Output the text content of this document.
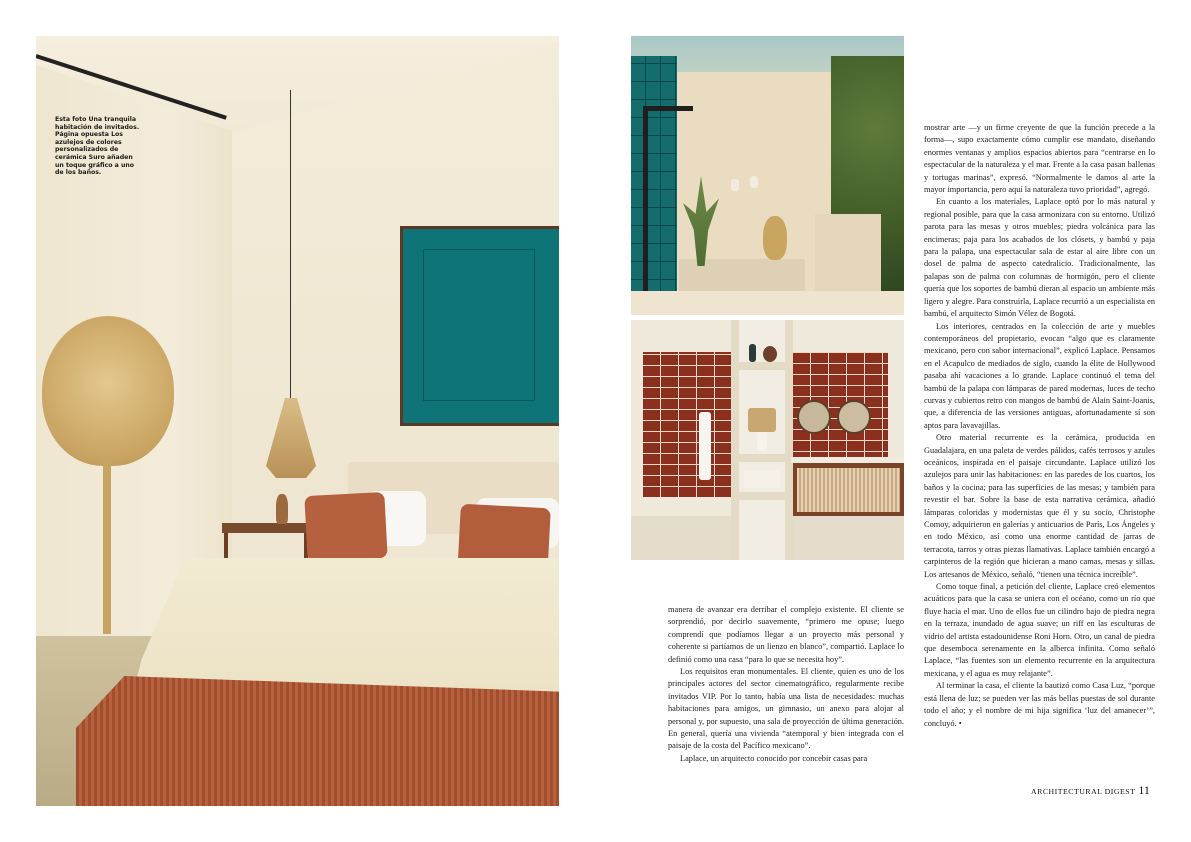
Esta foto Una tranquila habitación de invitados. Página opuesta Los azulejos de colores personalizados de cerámica Suro añaden un toque gráfico a uno de los baños.

manera de avanzar era derribar el complejo existente. El cliente se sorprendió, por decirlo suavemente, “primero me opuse; luego comprendí que podíamos llegar a un proyecto más personal y coherente si partíamos de un lienzo en blanco”, compartió. Laplace lo definió como una casa “para lo que se necesita hoy”.

Los requisitos eran monumentales. El cliente, quien es uno de los principales actores del sector cinematográfico, regularmente recibe invitados VIP. Por lo tanto, había una lista de necesidades: muchas habitaciones para amigos, un gimnasio, un anexo para alojar al personal y, por supuesto, una sala de proyección de última generación. En general, quería una vivienda “atemporal y bien integrada con el paisaje de la costa del Pacífico mexicano”.

Laplace, un arquitecto conocido por concebir casas para

mostrar arte —y un firme creyente de que la función precede a la forma—, supo exactamente cómo cumplir ese mandato, diseñando enormes ventanas y amplios espacios abiertos para “centrarse en lo espectacular de la naturaleza y el mar. Frente a la casa pasan ballenas y tortugas marinas”, expresó. “Normalmente le damos al arte la mayor importancia, pero aquí la naturaleza tuvo prioridad”, agregó.

En cuanto a los materiales, Laplace optó por lo más natural y regional posible, para que la casa armonizara con su entorno. Utilizó parota para las mesas y otros muebles; piedra volcánica para las encimeras; paja para los acabados de los clósets, y bambú y paja para la palapa, una espectacular sala de estar al aire libre con un dosel de palma de aspecto catedralicio. Tradicionalmente, las palapas son de palma con columnas de hormigón, pero el cliente quería que los soportes de bambú dieran al espacio un ambiente más ligero y alegre. Para construirla, Laplace recurrió a un especialista en bambú, el arquitecto Simón Vélez de Bogotá.

Los interiores, centrados en la colección de arte y muebles contemporáneos del propietario, evocan “algo que es claramente mexicano, pero con sabor internacional”, explicó Laplace. Pensamos en el Acapulco de mediados de siglo, cuando la élite de Hollywood pasaba ahí vacaciones a lo grande. Laplace continuó el tema del bambú de la palapa con lámparas de pared modernas, luces de techo curvas y cubiertos retro con mangos de bambú de Alain Saint-Joanis, que, a diferencia de las versiones antiguas, afortunadamente sí son aptos para lavavajillas.

Otro material recurrente es la cerámica, producida en Guadalajara, en una paleta de verdes pálidos, cafés terrosos y azules oceánicos, inspirada en el paisaje circundante. Laplace utilizó los azulejos para unir las habitaciones: en las paredes de los cuartos, los baños y la cocina; para las superficies de las mesas; y también para revestir el bar. Sobre la base de esta narrativa cerámica, añadió lámparas coloridas y modernistas que él y su socio, Christophe Comoy, adquirieron en galerías y anticuarios de París, Los Ángeles y en todo México, así como una enorme cantidad de jarras de terracota, tarros y otras piezas llamativas. Laplace también encargó a carpinteros de la región que hicieran a mano camas, mesas y sillas. Los artesanos de México, señaló, “tienen una técnica increíble”.

Como toque final, a petición del cliente, Laplace creó elementos acuáticos para que la casa se uniera con el océano, como un río que fluye hacia el mar. Uno de ellos fue un cilindro bajo de piedra negra en la terraza, inundado de agua suave; un riff en las esculturas de vidrio del artista estadounidense Roni Horn. Otro, un canal de piedra que desemboca serenamente en la alberca infinita. Como señaló Laplace, “las fuentes son un elemento recurrente en la arquitectura mexicana, y el agua es muy relajante”.

Al terminar la casa, el cliente la bautizó como Casa Luz, “porque está llena de luz; se pueden ver las más bellas puestas de sol durante todo el año; y el nombre de mi hija significa ‘luz del amanecer’”, concluyó. •

ARCHITECTURAL DIGEST 11
